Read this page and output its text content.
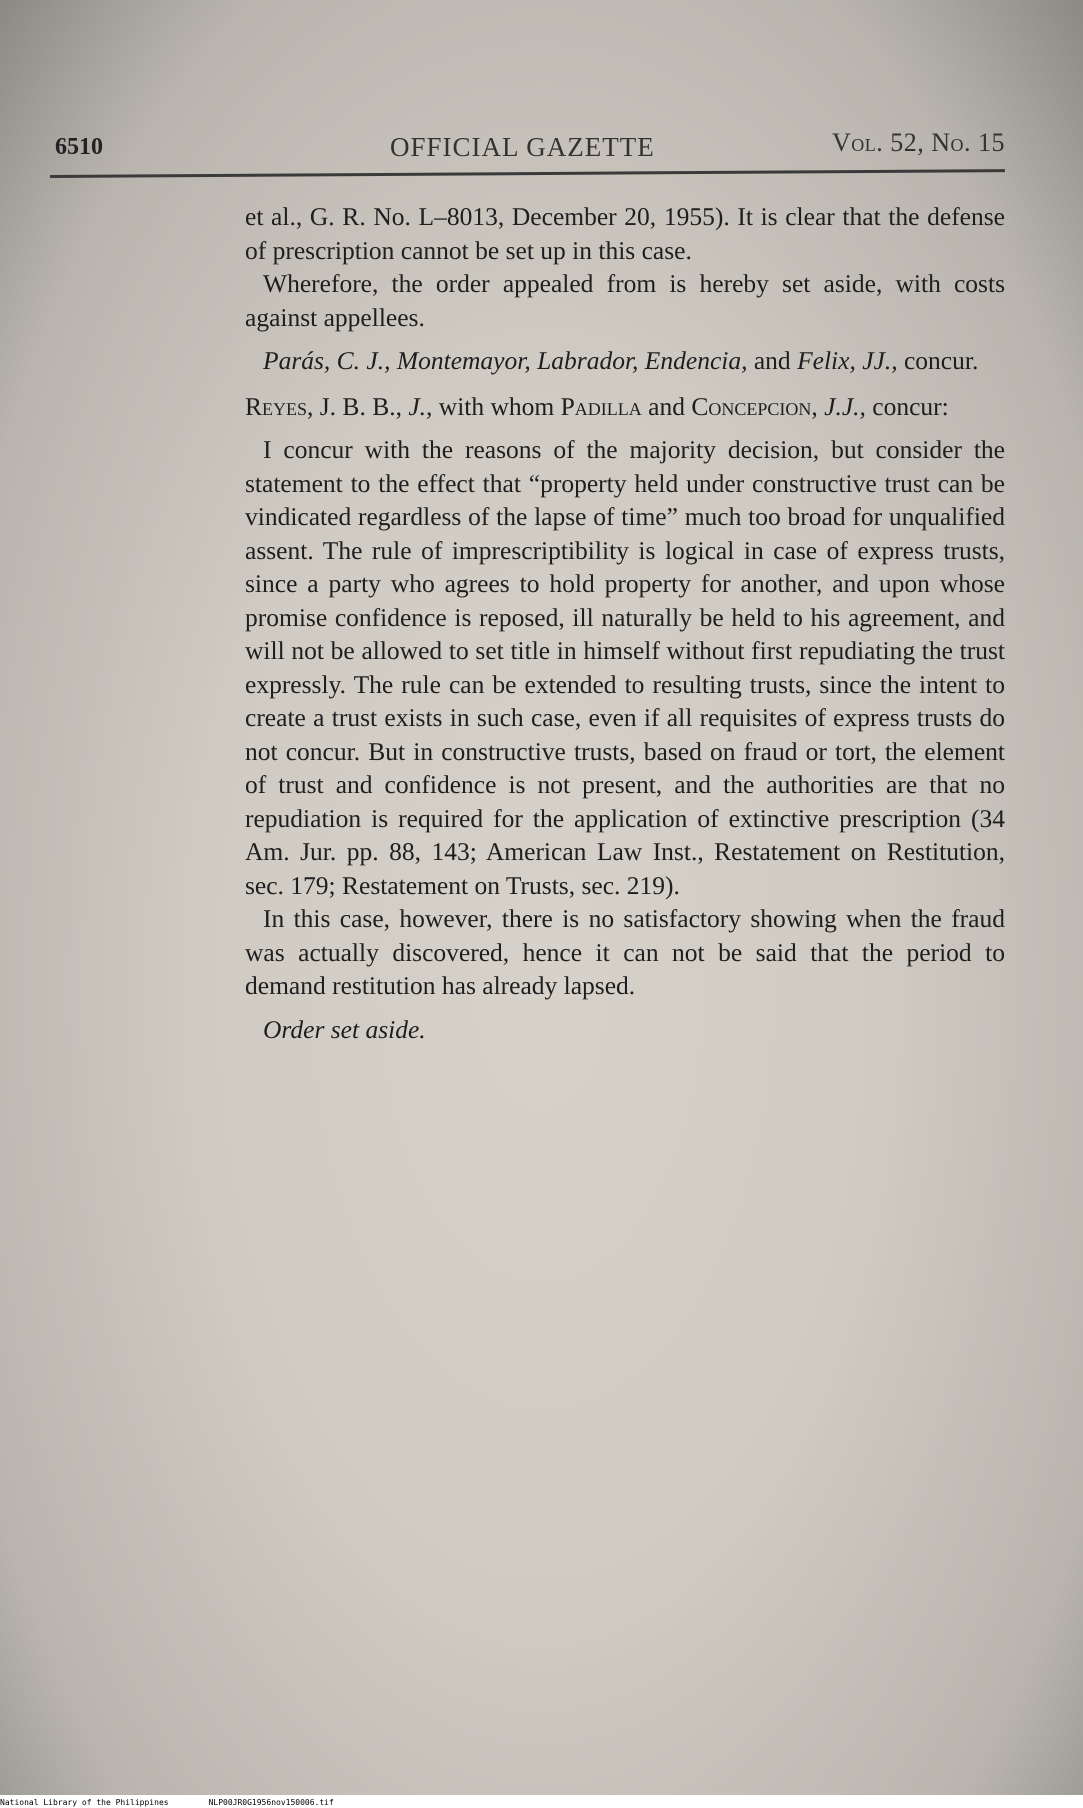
6510	OFFICIAL GAZETTE	Vol. 52, No. 15

et al., G. R. No. L–8013, December 20, 1955). It is clear that the defense of prescription cannot be set up in this case.

Wherefore, the order appealed from is hereby set aside, with costs against appellees.

Parás, C. J., Montemayor, Labrador, Endencia, and Felix, JJ., concur.

Reyes, J. B. B., J., with whom Padilla and Concepcion, J.J., concur:

I concur with the reasons of the majority decision, but consider the statement to the effect that “property held under constructive trust can be vindicated regardless of the lapse of time” much too broad for unqualified assent. The rule of imprescriptibility is logical in case of express trusts, since a party who agrees to hold property for another, and upon whose promise confidence is reposed, ill naturally be held to his agreement, and will not be allowed to set title in himself without first repudiating the trust expressly. The rule can be extended to resulting trusts, since the intent to create a trust exists in such case, even if all requisites of express trusts do not concur. But in constructive trusts, based on fraud or tort, the element of trust and confidence is not present, and the authorities are that no repudiation is required for the application of extinctive prescription (34 Am. Jur. pp. 88, 143; American Law Inst., Restatement on Restitution, sec. 179; Restatement on Trusts, sec. 219).

In this case, however, there is no satisfactory showing when the fraud was actually discovered, hence it can not be said that the period to demand restitution has already lapsed.

Order set aside.

National Library of the Philippines	NLP00JR0G1956nov150006.tif
